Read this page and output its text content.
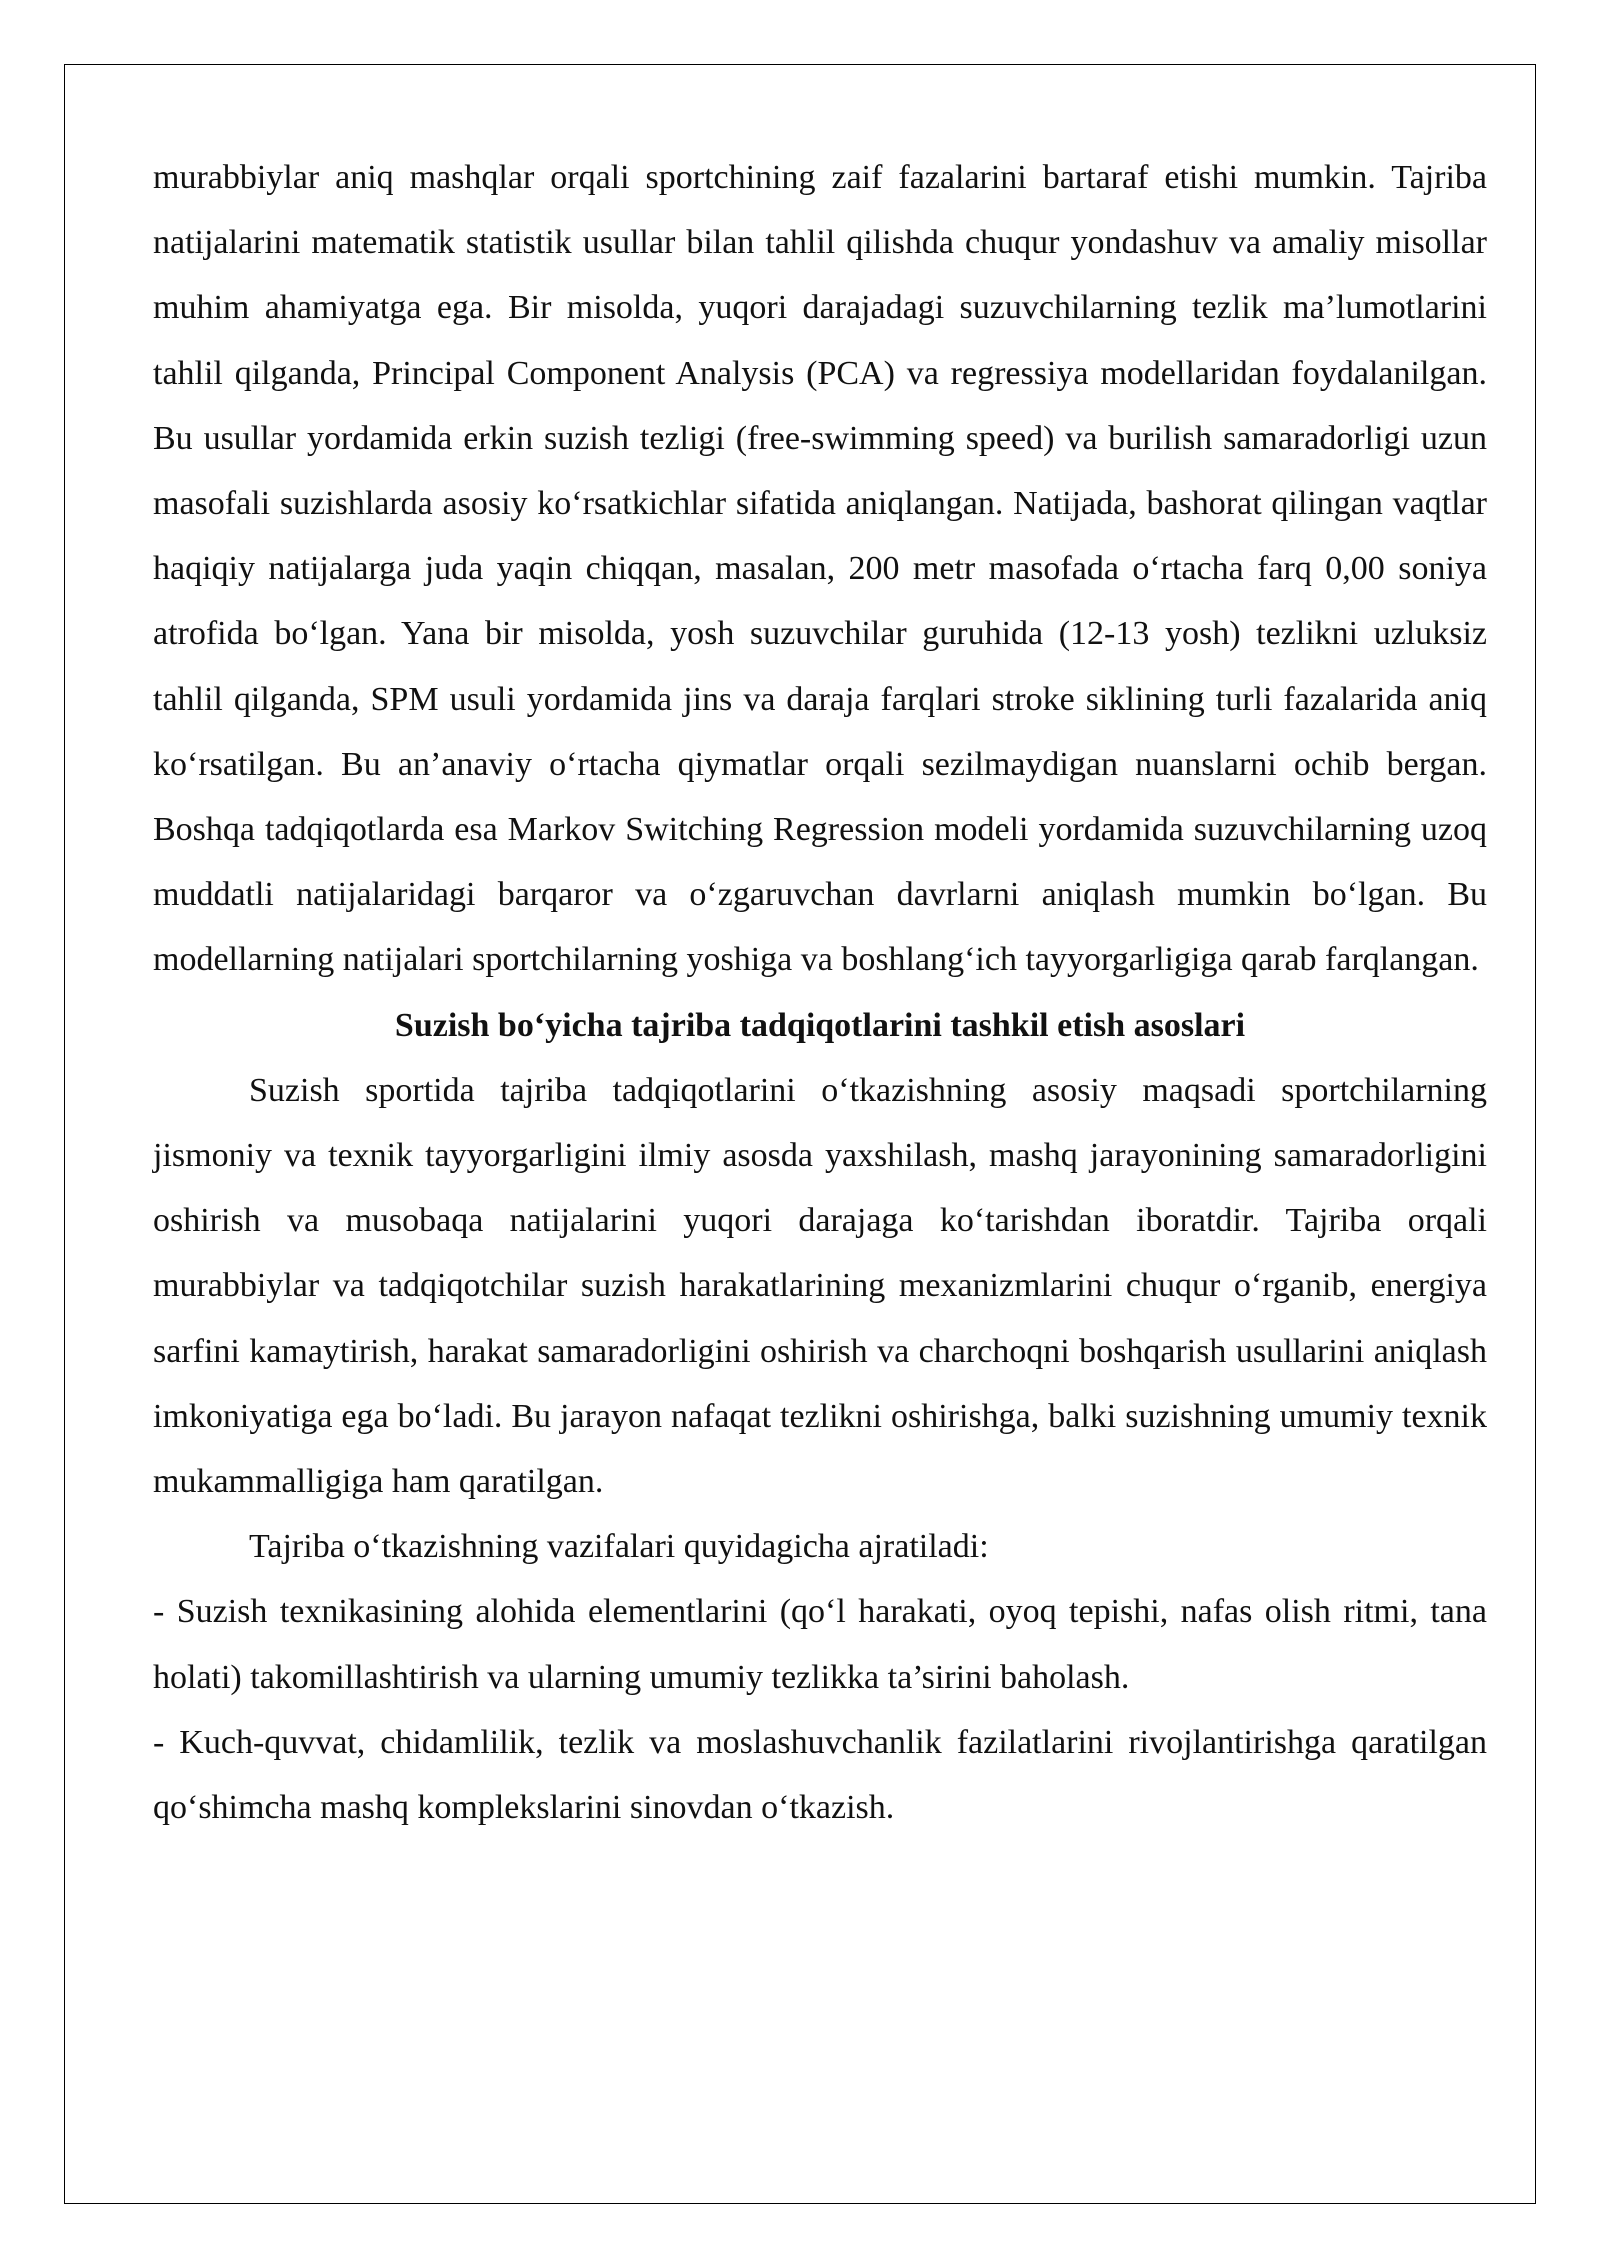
murabbiylar aniq mashqlar orqali sportchining zaif fazalarini bartaraf etishi mumkin. Tajriba natijalarini matematik statistik usullar bilan tahlil qilishda chuqur yondashuv va amaliy misollar muhim ahamiyatga ega. Bir misolda, yuqori darajadagi suzuvchilarning tezlik ma’lumotlarini tahlil qilganda, Principal Component Analysis (PCA) va regressiya modellaridan foydalanilgan. Bu usullar yordamida erkin suzish tezligi (free-swimming speed) va burilish samaradorligi uzun masofali suzishlarda asosiy ko‘rsatkichlar sifatida aniqlangan. Natijada, bashorat qilingan vaqtlar haqiqiy natijalarga juda yaqin chiqqan, masalan, 200 metr masofada o‘rtacha farq 0,00 soniya atrofida bo‘lgan. Yana bir misolda, yosh suzuvchilar guruhida (12-13 yosh) tezlikni uzluksiz tahlil qilganda, SPM usuli yordamida jins va daraja farqlari stroke siklining turli fazalarida aniq ko‘rsatilgan. Bu an’anaviy o‘rtacha qiymatlar orqali sezilmaydigan nuanslarni ochib bergan. Boshqa tadqiqotlarda esa Markov Switching Regression modeli yordamida suzuvchilarning uzoq muddatli natijalaridagi barqaror va o‘zgaruvchan davrlarni aniqlash mumkin bo‘lgan. Bu modellarning natijalari sportchilarning yoshiga va boshlang‘ich tayyorgarligiga qarab farqlangan.

Suzish bo‘yicha tajriba tadqiqotlarini tashkil etish asoslari

Suzish sportida tajriba tadqiqotlarini o‘tkazishning asosiy maqsadi sportchilarning jismoniy va texnik tayyorgarligini ilmiy asosda yaxshilash, mashq jarayonining samaradorligini oshirish va musobaqa natijalarini yuqori darajaga ko‘tarishdan iboratdir. Tajriba orqali murabbiylar va tadqiqotchilar suzish harakatlarining mexanizmlarini chuqur o‘rganib, energiya sarfini kamaytirish, harakat samaradorligini oshirish va charchoqni boshqarish usullarini aniqlash imkoniyatiga ega bo‘ladi. Bu jarayon nafaqat tezlikni oshirishga, balki suzishning umumiy texnik mukammalligiga ham qaratilgan.

Tajriba o‘tkazishning vazifalari quyidagicha ajratiladi:

- Suzish texnikasining alohida elementlarini (qo‘l harakati, oyoq tepishi, nafas olish ritmi, tana holati) takomillashtirish va ularning umumiy tezlikka ta’sirini baholash.

- Kuch-quvvat, chidamlilik, tezlik va moslashuvchanlik fazilatlarini rivojlantirishga qaratilgan qo‘shimcha mashq komplekslarini sinovdan o‘tkazish.
